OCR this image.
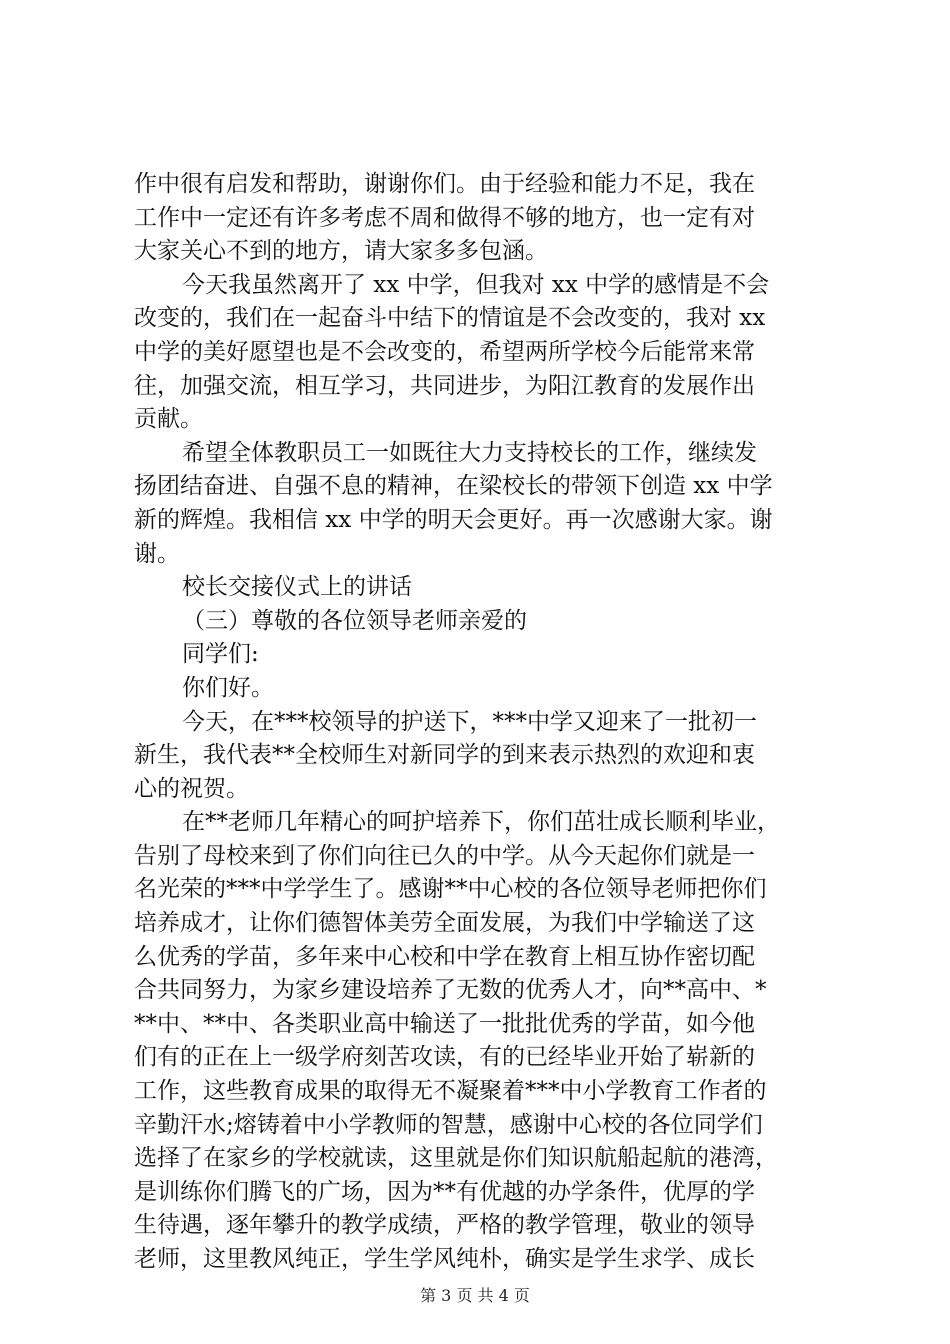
作中很有启发和帮助，谢谢你们。由于经验和能力不足，我在
工作中一定还有许多考虑不周和做得不够的地方，也一定有对
大家关心不到的地方，请大家多多包涵。
今天我虽然离开了 xx 中学，但我对 xx 中学的感情是不会
改变的，我们在一起奋斗中结下的情谊是不会改变的，我对 xx
中学的美好愿望也是不会改变的，希望两所学校今后能常来常
往，加强交流，相互学习，共同进步，为阳江教育的发展作出
贡献。
希望全体教职员工一如既往大力支持校长的工作，继续发
扬团结奋进、自强不息的精神，在梁校长的带领下创造 xx 中学
新的辉煌。我相信 xx 中学的明天会更好。再一次感谢大家。谢
谢。
校长交接仪式上的讲话
（三）尊敬的各位领导老师亲爱的
同学们:
你们好。
今天，在***校领导的护送下，***中学又迎来了一批初一
新生，我代表**全校师生对新同学的到来表示热烈的欢迎和衷
心的祝贺。
在**老师几年精心的呵护培养下，你们茁壮成长顺利毕业，
告别了母校来到了你们向往已久的中学。从今天起你们就是一
名光荣的***中学学生了。感谢**中心校的各位领导老师把你们
培养成才，让你们德智体美劳全面发展，为我们中学输送了这
么优秀的学苗，多年来中心校和中学在教育上相互协作密切配
合共同努力，为家乡建设培养了无数的优秀人才，向**高中、*
**中、**中、各类职业高中输送了一批批优秀的学苗，如今他
们有的正在上一级学府刻苦攻读，有的已经毕业开始了崭新的
工作，这些教育成果的取得无不凝聚着***中小学教育工作者的
辛勤汗水;熔铸着中小学教师的智慧，感谢中心校的各位同学们
选择了在家乡的学校就读，这里就是你们知识航船起航的港湾，
是训练你们腾飞的广场，因为**有优越的办学条件，优厚的学
生待遇，逐年攀升的教学成绩，严格的教学管理，敬业的领导
老师，这里教风纯正，学生学风纯朴，确实是学生求学、成长
第 3 页 共 4 页
